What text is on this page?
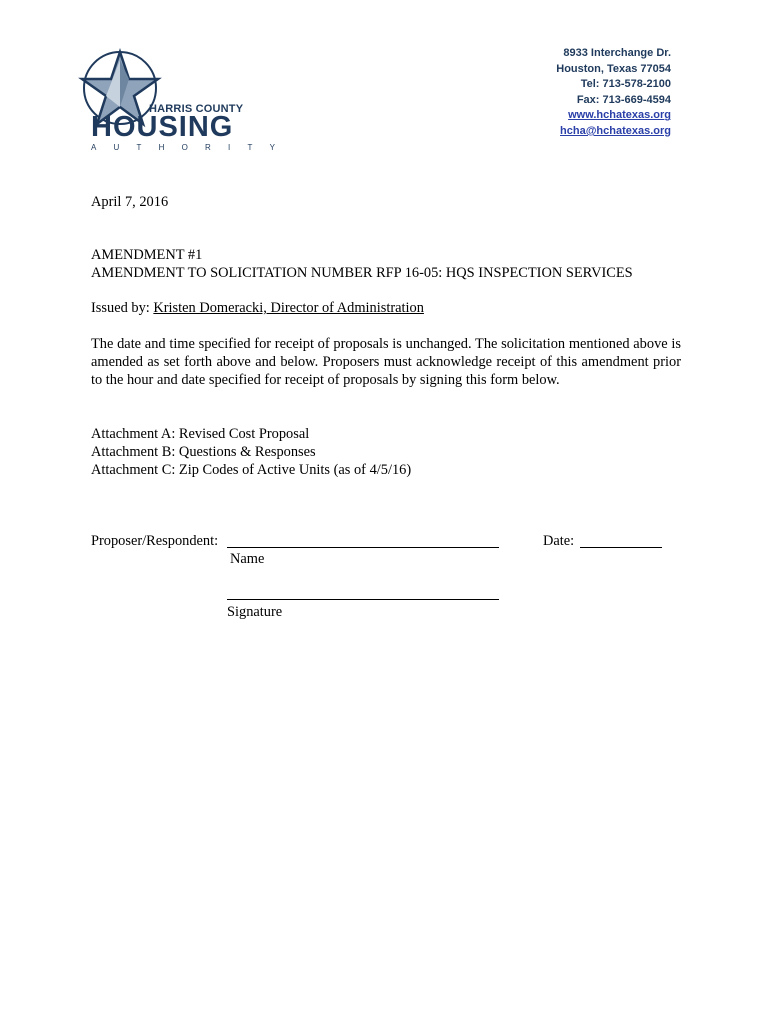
HARRIS COUNTY
HOUSING
A U T H O R I T Y
8933 Interchange Dr.
Houston, Texas 77054
Tel: 713-578-2100
Fax: 713-669-4594
www.hchatexas.org
hcha@hchatexas.org
April 7, 2016
AMENDMENT #1
AMENDMENT TO SOLICITATION NUMBER RFP 16-05: HQS INSPECTION SERVICES
Issued by: Kristen Domeracki, Director of Administration
The date and time specified for receipt of proposals is unchanged. The solicitation mentioned above is amended as set forth above and below. Proposers must acknowledge receipt of this amendment prior to the hour and date specified for receipt of proposals by signing this form below.
Attachment A: Revised Cost Proposal
Attachment B: Questions & Responses
Attachment C: Zip Codes of Active Units (as of 4/5/16)
Proposer/Respondent:
Name
Date:
Signature
